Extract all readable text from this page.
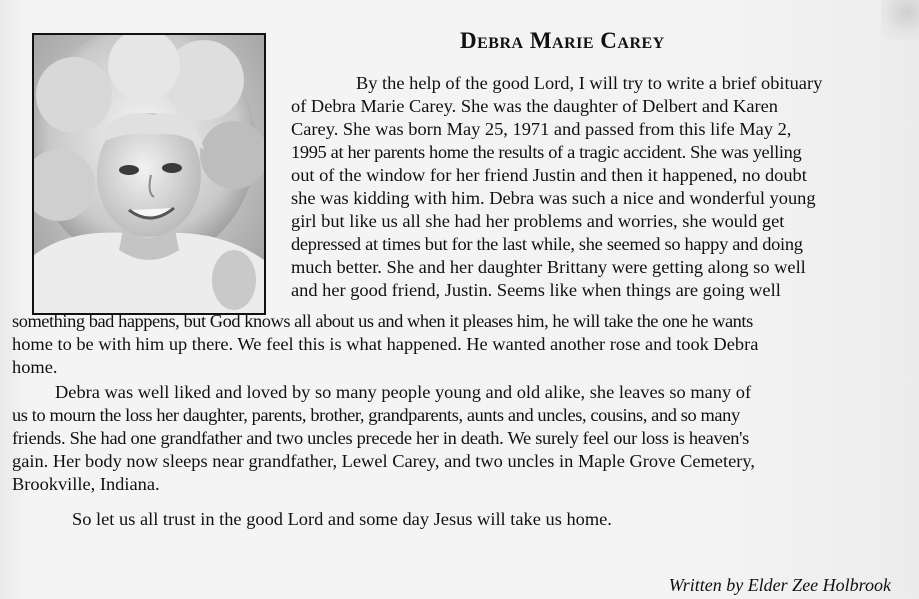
Debra Marie Carey

By the help of the good Lord, I will try to write a brief obituary

of Debra Marie Carey. She was the daughter of Delbert and Karen

Carey. She was born May 25, 1971 and passed from this life May 2,

1995 at her parents home the results of a tragic accident. She was yelling

out of the window for her friend Justin and then it happened, no doubt

she was kidding with him. Debra was such a nice and wonderful young

girl but like us all she had her problems and worries, she would get

depressed at times but for the last while, she seemed so happy and doing

much better. She and her daughter Brittany were getting along so well

and her good friend, Justin. Seems like when things are going well

something bad happens, but God knows all about us and when it pleases him, he will take the one he wants

home to be with him up there. We feel this is what happened. He wanted another rose and took Debra

home.

Debra was well liked and loved by so many people young and old alike, she leaves so many of

us to mourn the loss her daughter, parents, brother, grandparents, aunts and uncles, cousins, and so many

friends. She had one grandfather and two uncles precede her in death. We surely feel our loss is heaven's

gain. Her body now sleeps near grandfather, Lewel Carey, and two uncles in Maple Grove Cemetery,

Brookville, Indiana.

So let us all trust in the good Lord and some day Jesus will take us home.

Written by Elder Zee Holbrook
